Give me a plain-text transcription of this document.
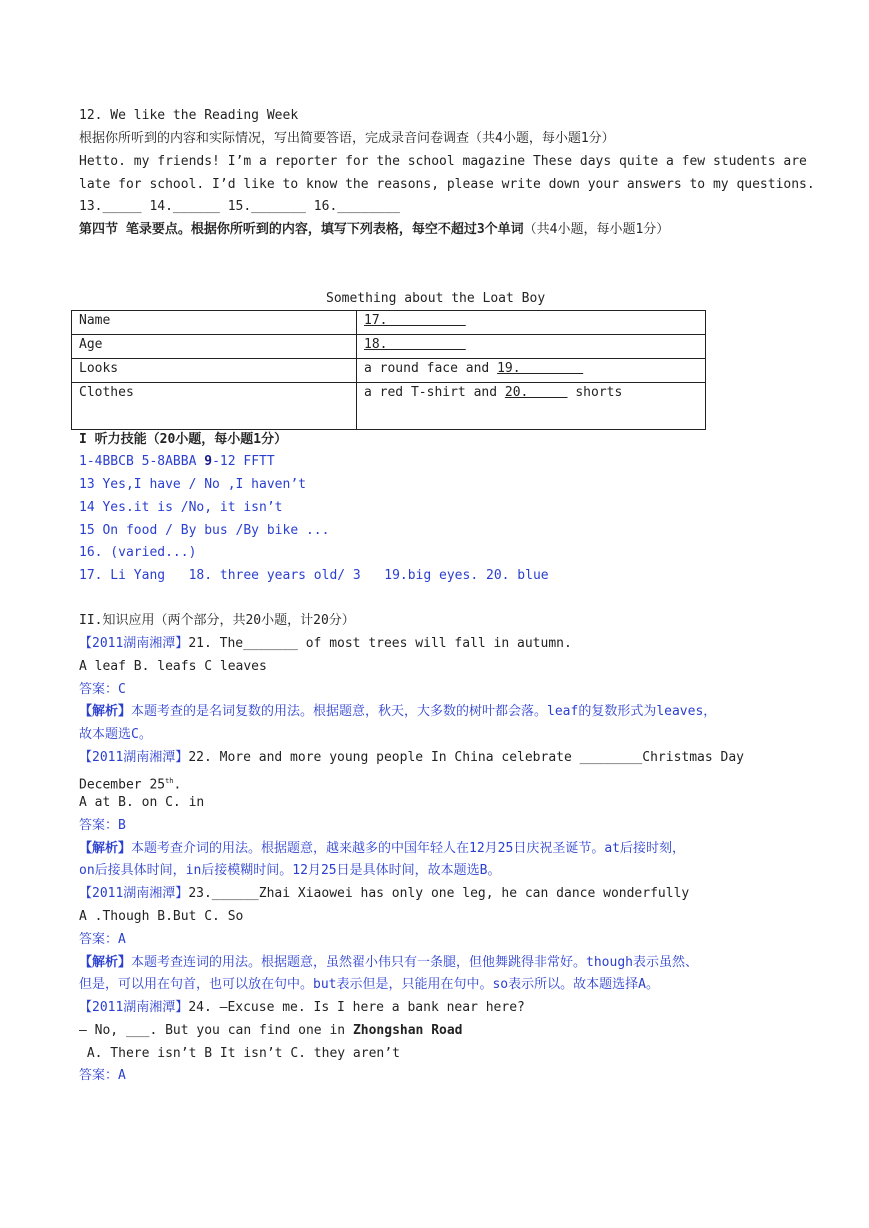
12. We like the Reading Week
根据你所听到的内容和实际情况，写出简要答语，完成录音问卷调查（共4小题，每小题1分）
Hetto. my friends! I’m a reporter for the school magazine These days quite a few students are
late for school. I’d like to know the reasons, please write down your answers to my questions.
13._____ 14.______ 15._______ 16.________
第四节 笔录要点。根据你所听到的内容，填写下列表格，每空不超过3个单词（共4小题，每小题1分）
Something about the Loat Boy
Name	17.
Age	18.
Looks	a round face and 19.
Clothes	a red T-shirt and 20.      shorts
I 听力技能（20小题，每小题1分）
1-4BBCB 5-8ABBA 9-12 FFTT
13 Yes,I have / No ,I haven’t
14 Yes.it is /No, it isn’t
15 On food / By bus /By bike ...
16. (varied...)
17. Li Yang   18. three years old/ 3   19.big eyes. 20. blue
II.知识应用（两个部分，共20小题，计20分）
【2011湖南湘潭】21. The_______ of most trees will fall in autumn.
A leaf B. leafs C leaves
答案：C
【解析】本题考查的是名词复数的用法。根据题意，秋天，大多数的树叶都会落。leaf的复数形式为leaves，
故本题选C。
【2011湖南湘潭】22. More and more young people In China celebrate ________Christmas Day
December 25th.
A at B. on C. in
答案：B
【解析】本题考查介词的用法。根据题意，越来越多的中国年轻人在12月25日庆祝圣诞节。at后接时刻，
on后接具体时间，in后接模糊时间。12月25日是具体时间，故本题选B。
【2011湖南湘潭】23.______Zhai Xiaowei has only one leg, he can dance wonderfully
A .Though B.But C. So
答案：A
【解析】本题考查连词的用法。根据题意，虽然翟小伟只有一条腿，但他舞跳得非常好。though表示虽然、
但是，可以用在句首，也可以放在句中。but表示但是，只能用在句中。so表示所以。故本题选择A。
【2011湖南湘潭】24. —Excuse me. Is I here a bank near here?
— No, ___. But you can find one in Zhongshan Road
A. There isn’t B It isn’t C. they aren’t
答案：A
